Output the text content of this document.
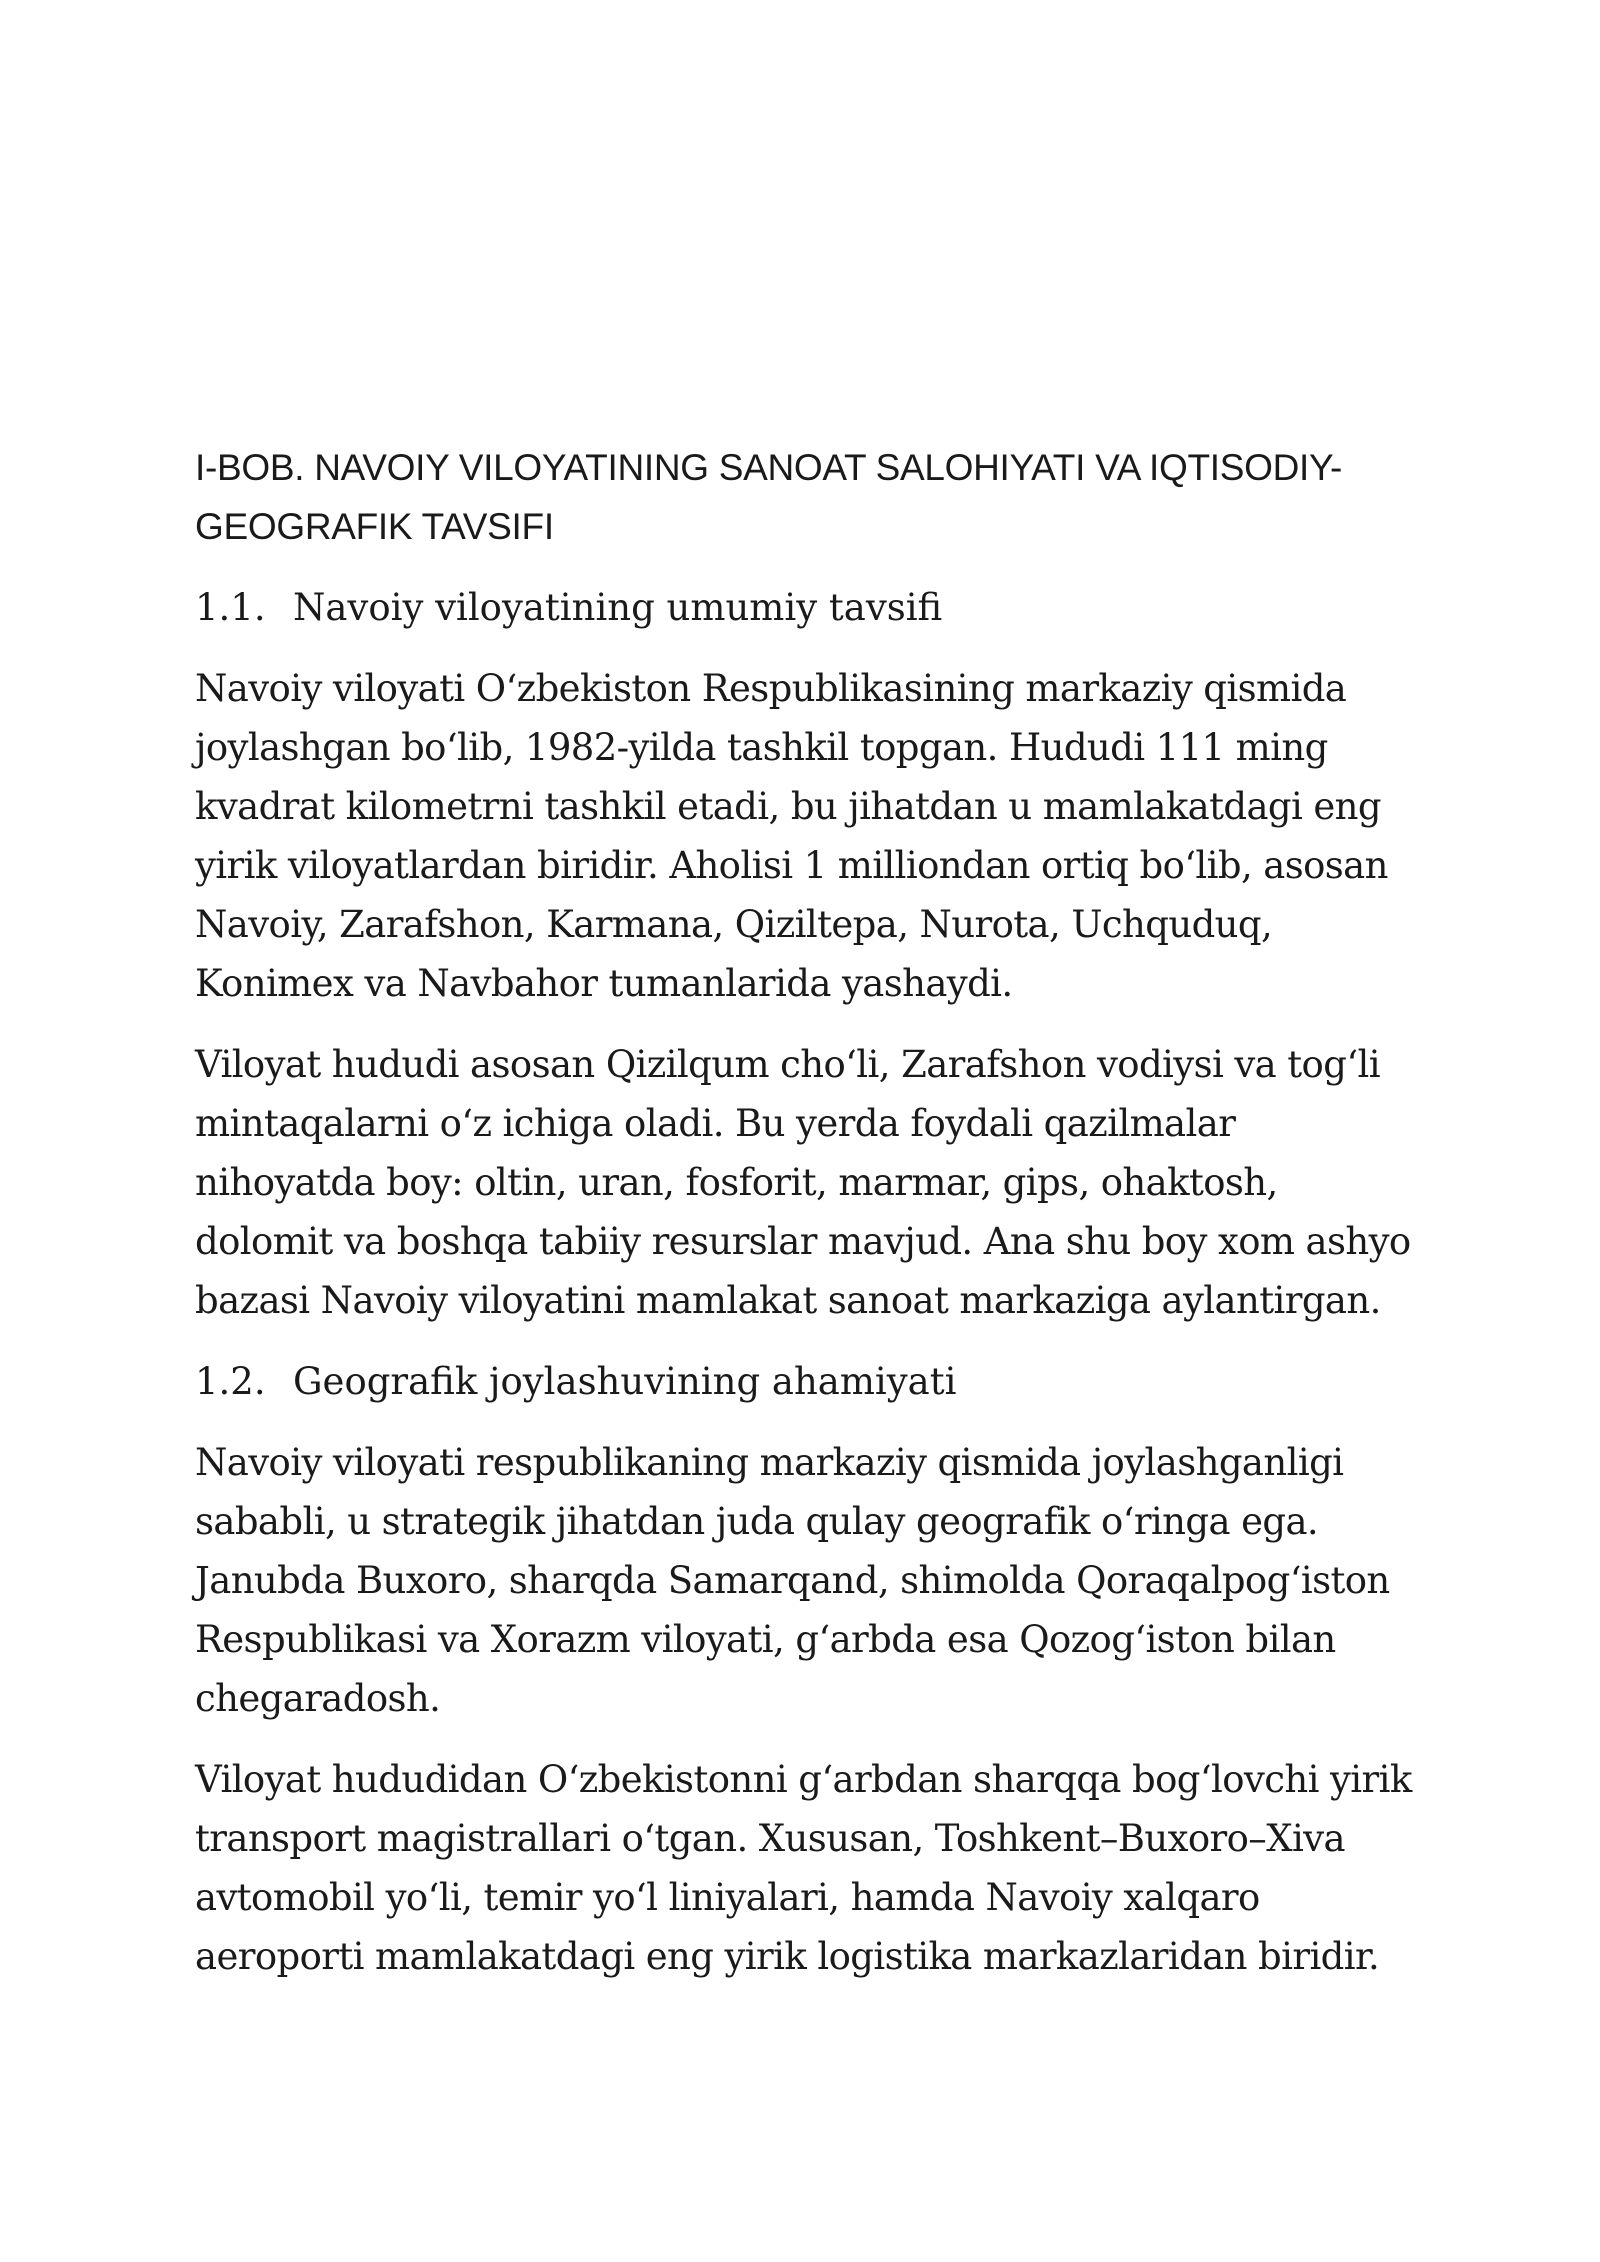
I-BOB. NAVOIY VILOYATINING SANOAT SALOHIYATI VA IQTISODIY-GEOGRAFIK TAVSIFI
1.1. Navoiy viloyatining umumiy tavsifi

Navoiy viloyati O‘zbekiston Respublikasining markaziy qismida joylashgan bo‘lib, 1982-yilda tashkil topgan. Hududi 111 ming kvadrat kilometrni tashkil etadi, bu jihatdan u mamlakatdagi eng yirik viloyatlardan biridir. Aholisi 1 milliondan ortiq bo‘lib, asosan Navoiy, Zarafshon, Karmana, Qiziltepa, Nurota, Uchquduq, Konimex va Navbahor tumanlarida yashaydi.

Viloyat hududi asosan Qizilqum cho‘li, Zarafshon vodiysi va tog‘li mintaqalarni o‘z ichiga oladi. Bu yerda foydali qazilmalar nihoyatda boy: oltin, uran, fosforit, marmar, gips, ohaktosh, dolomit va boshqa tabiiy resurslar mavjud. Ana shu boy xom ashyo bazasi Navoiy viloyatini mamlakat sanoat markaziga aylantirgan.

1.2. Geografik joylashuvining ahamiyati

Navoiy viloyati respublikaning markaziy qismida joylashganligi sababli, u strategik jihatdan juda qulay geografik o‘ringa ega. Janubda Buxoro, sharqda Samarqand, shimolda Qoraqalpog‘iston Respublikasi va Xorazm viloyati, g‘arbda esa Qozog‘iston bilan chegaradosh.

Viloyat hududidan O‘zbekistonni g‘arbdan sharqqa bog‘lovchi yirik transport magistrallari o‘tgan. Xususan, Toshkent–Buxoro–Xiva avtomobil yo‘li, temir yo‘l liniyalari, hamda Navoiy xalqaro aeroporti mamlakatdagi eng yirik logistika markazlaridan biridir.
